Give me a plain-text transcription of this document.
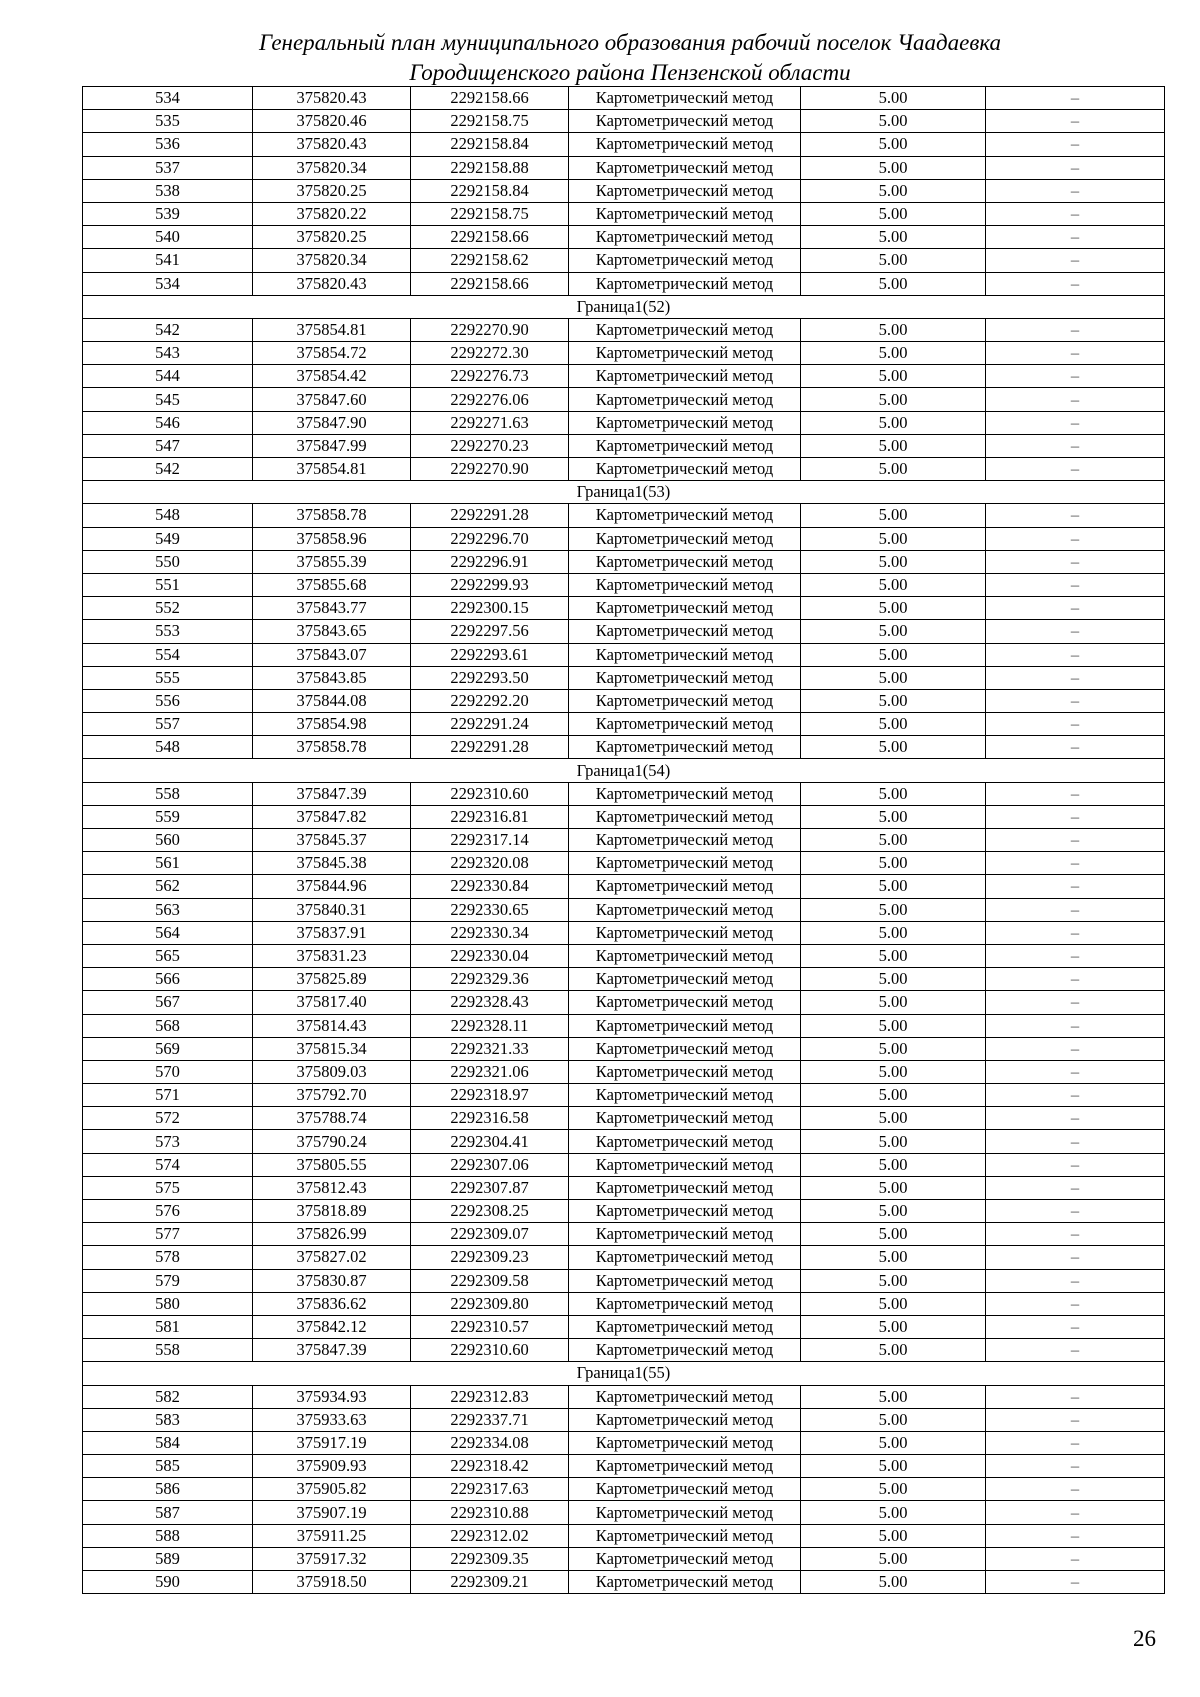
Генеральный план муниципального образования рабочий поселок Чаадаевка
Городищенского района Пензенской области
534	375820.43	2292158.66	Картометрический метод	5.00	–
535	375820.46	2292158.75	Картометрический метод	5.00	–
536	375820.43	2292158.84	Картометрический метод	5.00	–
537	375820.34	2292158.88	Картометрический метод	5.00	–
538	375820.25	2292158.84	Картометрический метод	5.00	–
539	375820.22	2292158.75	Картометрический метод	5.00	–
540	375820.25	2292158.66	Картометрический метод	5.00	–
541	375820.34	2292158.62	Картометрический метод	5.00	–
534	375820.43	2292158.66	Картометрический метод	5.00	–
Граница1(52)					
542	375854.81	2292270.90	Картометрический метод	5.00	–
543	375854.72	2292272.30	Картометрический метод	5.00	–
544	375854.42	2292276.73	Картометрический метод	5.00	–
545	375847.60	2292276.06	Картометрический метод	5.00	–
546	375847.90	2292271.63	Картометрический метод	5.00	–
547	375847.99	2292270.23	Картометрический метод	5.00	–
542	375854.81	2292270.90	Картометрический метод	5.00	–
Граница1(53)					
548	375858.78	2292291.28	Картометрический метод	5.00	–
549	375858.96	2292296.70	Картометрический метод	5.00	–
550	375855.39	2292296.91	Картометрический метод	5.00	–
551	375855.68	2292299.93	Картометрический метод	5.00	–
552	375843.77	2292300.15	Картометрический метод	5.00	–
553	375843.65	2292297.56	Картометрический метод	5.00	–
554	375843.07	2292293.61	Картометрический метод	5.00	–
555	375843.85	2292293.50	Картометрический метод	5.00	–
556	375844.08	2292292.20	Картометрический метод	5.00	–
557	375854.98	2292291.24	Картометрический метод	5.00	–
548	375858.78	2292291.28	Картометрический метод	5.00	–
Граница1(54)					
558	375847.39	2292310.60	Картометрический метод	5.00	–
559	375847.82	2292316.81	Картометрический метод	5.00	–
560	375845.37	2292317.14	Картометрический метод	5.00	–
561	375845.38	2292320.08	Картометрический метод	5.00	–
562	375844.96	2292330.84	Картометрический метод	5.00	–
563	375840.31	2292330.65	Картометрический метод	5.00	–
564	375837.91	2292330.34	Картометрический метод	5.00	–
565	375831.23	2292330.04	Картометрический метод	5.00	–
566	375825.89	2292329.36	Картометрический метод	5.00	–
567	375817.40	2292328.43	Картометрический метод	5.00	–
568	375814.43	2292328.11	Картометрический метод	5.00	–
569	375815.34	2292321.33	Картометрический метод	5.00	–
570	375809.03	2292321.06	Картометрический метод	5.00	–
571	375792.70	2292318.97	Картометрический метод	5.00	–
572	375788.74	2292316.58	Картометрический метод	5.00	–
573	375790.24	2292304.41	Картометрический метод	5.00	–
574	375805.55	2292307.06	Картометрический метод	5.00	–
575	375812.43	2292307.87	Картометрический метод	5.00	–
576	375818.89	2292308.25	Картометрический метод	5.00	–
577	375826.99	2292309.07	Картометрический метод	5.00	–
578	375827.02	2292309.23	Картометрический метод	5.00	–
579	375830.87	2292309.58	Картометрический метод	5.00	–
580	375836.62	2292309.80	Картометрический метод	5.00	–
581	375842.12	2292310.57	Картометрический метод	5.00	–
558	375847.39	2292310.60	Картометрический метод	5.00	–
Граница1(55)					
582	375934.93	2292312.83	Картометрический метод	5.00	–
583	375933.63	2292337.71	Картометрический метод	5.00	–
584	375917.19	2292334.08	Картометрический метод	5.00	–
585	375909.93	2292318.42	Картометрический метод	5.00	–
586	375905.82	2292317.63	Картометрический метод	5.00	–
587	375907.19	2292310.88	Картометрический метод	5.00	–
588	375911.25	2292312.02	Картометрический метод	5.00	–
589	375917.32	2292309.35	Картометрический метод	5.00	–
590	375918.50	2292309.21	Картометрический метод	5.00	–
26
